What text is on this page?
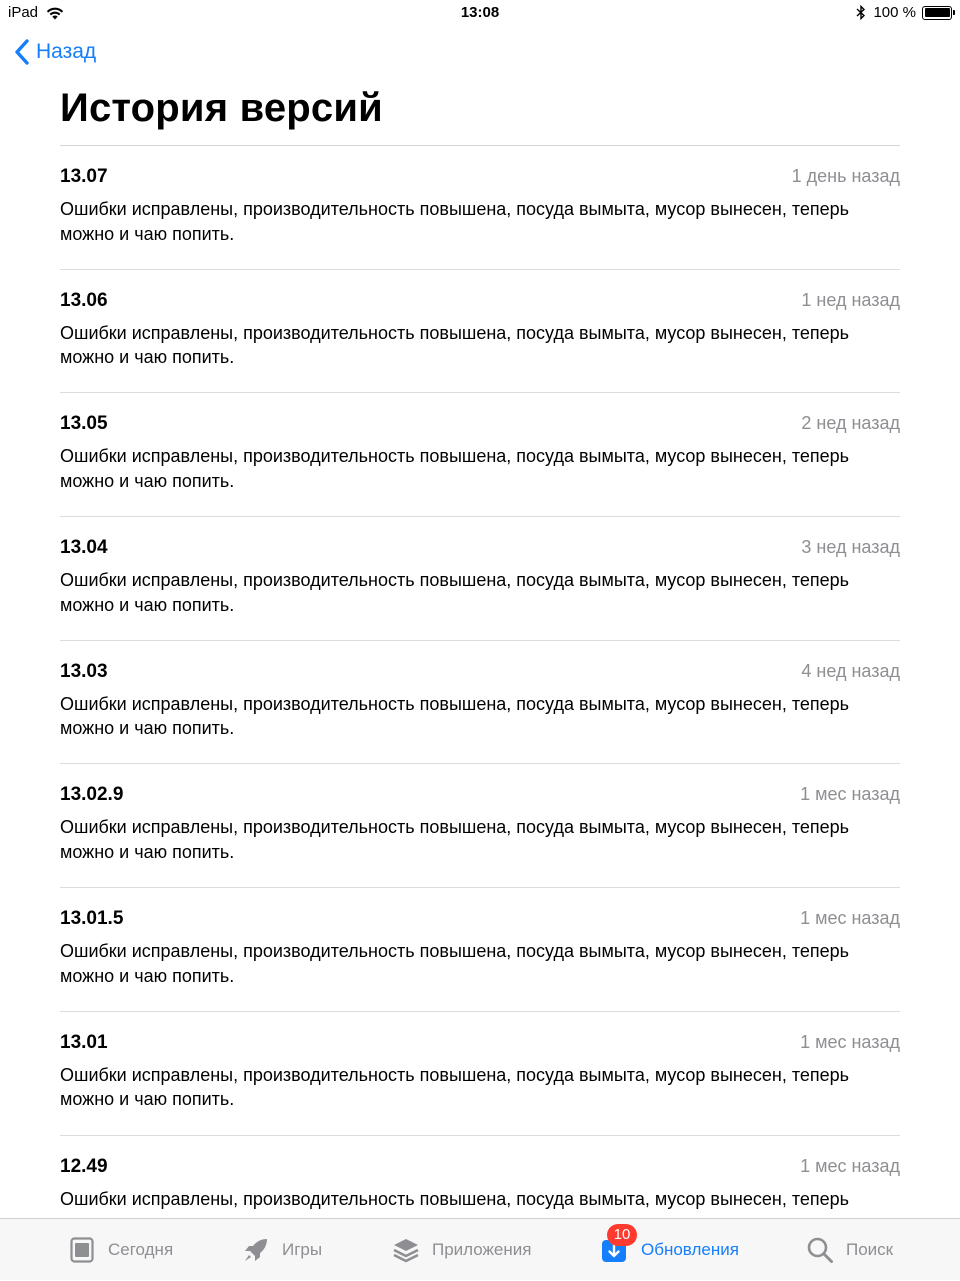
iPad	13:08	100 %
Назад
История версий
13.07	1 день назад
Ошибки исправлены, производительность повышена, посуда вымыта, мусор вынесен, теперь можно и чаю попить.
13.06	1 нед назад
Ошибки исправлены, производительность повышена, посуда вымыта, мусор вынесен, теперь можно и чаю попить.
13.05	2 нед назад
Ошибки исправлены, производительность повышена, посуда вымыта, мусор вынесен, теперь можно и чаю попить.
13.04	3 нед назад
Ошибки исправлены, производительность повышена, посуда вымыта, мусор вынесен, теперь можно и чаю попить.
13.03	4 нед назад
Ошибки исправлены, производительность повышена, посуда вымыта, мусор вынесен, теперь можно и чаю попить.
13.02.9	1 мес назад
Ошибки исправлены, производительность повышена, посуда вымыта, мусор вынесен, теперь можно и чаю попить.
13.01.5	1 мес назад
Ошибки исправлены, производительность повышена, посуда вымыта, мусор вынесен, теперь можно и чаю попить.
13.01	1 мес назад
Ошибки исправлены, производительность повышена, посуда вымыта, мусор вынесен, теперь можно и чаю попить.
12.49	1 мес назад
Ошибки исправлены, производительность повышена, посуда вымыта, мусор вынесен, теперь
Сегодня	Игры	Приложения
10
Обновления	Поиск
